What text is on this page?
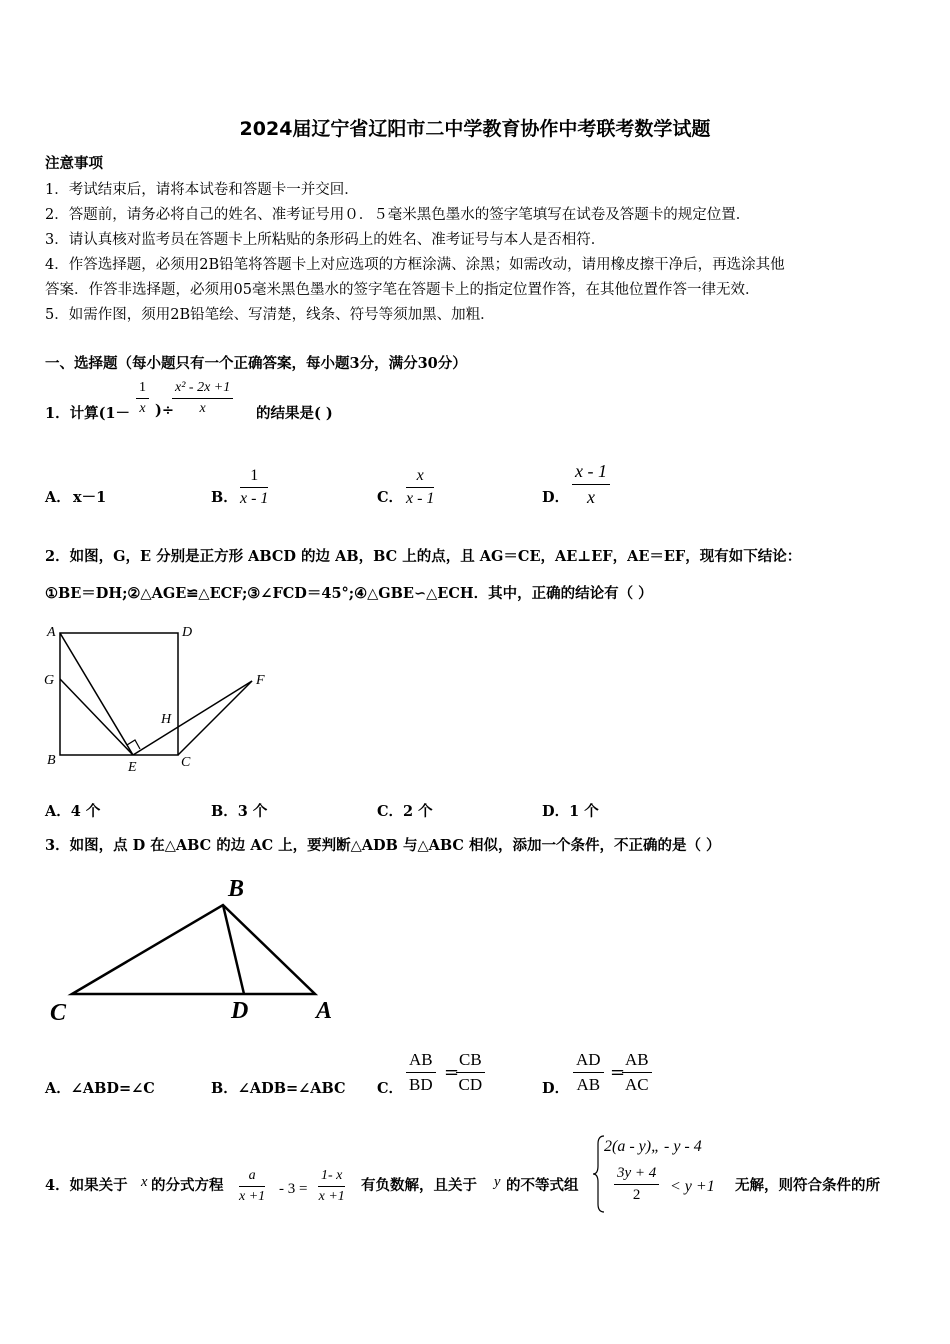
2024届辽宁省辽阳市二中学教育协作中考联考数学试题
注意事项
1．考试结束后，请将本试卷和答题卡一并交回．
2．答题前，请务必将自己的姓名、准考证号用０．５毫米黑色墨水的签字笔填写在试卷及答题卡的规定位置．
3．请认真核对监考员在答题卡上所粘贴的条形码上的姓名、准考证号与本人是否相符．
4．作答选择题，必须用2B铅笔将答题卡上对应选项的方框涂满、涂黑；如需改动，请用橡皮擦干净后，再选涂其他
答案．作答非选择题，必须用05毫米黑色墨水的签字笔在答题卡上的指定位置作答，在其他位置作答一律无效．
5．如需作图，须用2B铅笔绘、写清楚，线条、符号等须加黑、加粗．
一、选择题（每小题只有一个正确答案，每小题3分，满分30分）
1．计算($1- \frac{1}{x}$ )÷
$\frac{\text{x² - 2x +1}}{x}$ 的结果是( )
A． x－1	B． $\frac{1}{x - 1}$	C． $\frac{x}{x - 1}$	D． $\frac{x - 1}{x}$
2．如图，G，E 分别是正方形 ABCD 的边 AB，BC 上的点，且 AG＝CE，AE⊥EF，AE＝EF，现有如下结论：
①BE＝DH;②△AGE≌△ECF;③∠FCD＝45°;④△GBE∽△ECH．其中，正确的结论有（ ）
A	D
G	F
H
B	E	C
A．4 个	B．3 个	C．2 个	D．1 个
3．如图，点 D 在△ABC 的边 AC 上，要判断△ADB 与△ABC 相似，添加一个条件，不正确的是（ ）
B
C	D	A
A．∠ABD=∠C	B．∠ADB=∠ABC C． $\frac{AB}{BD}$ =
$\frac{CB}{CD}$	D． $\frac{AD}{AB}$ =
$\frac{AB}{AC}$
4．如果关于 x 的分式方程 $\frac{a}{x +1} - 3 = \frac{1- x}{x +1}$ 有负数解，且关于 y 的不等式组
2(a - y)„ - y - 4
$\frac{3y + 4}{2} < y +1$ 无解，则符合条件的所
